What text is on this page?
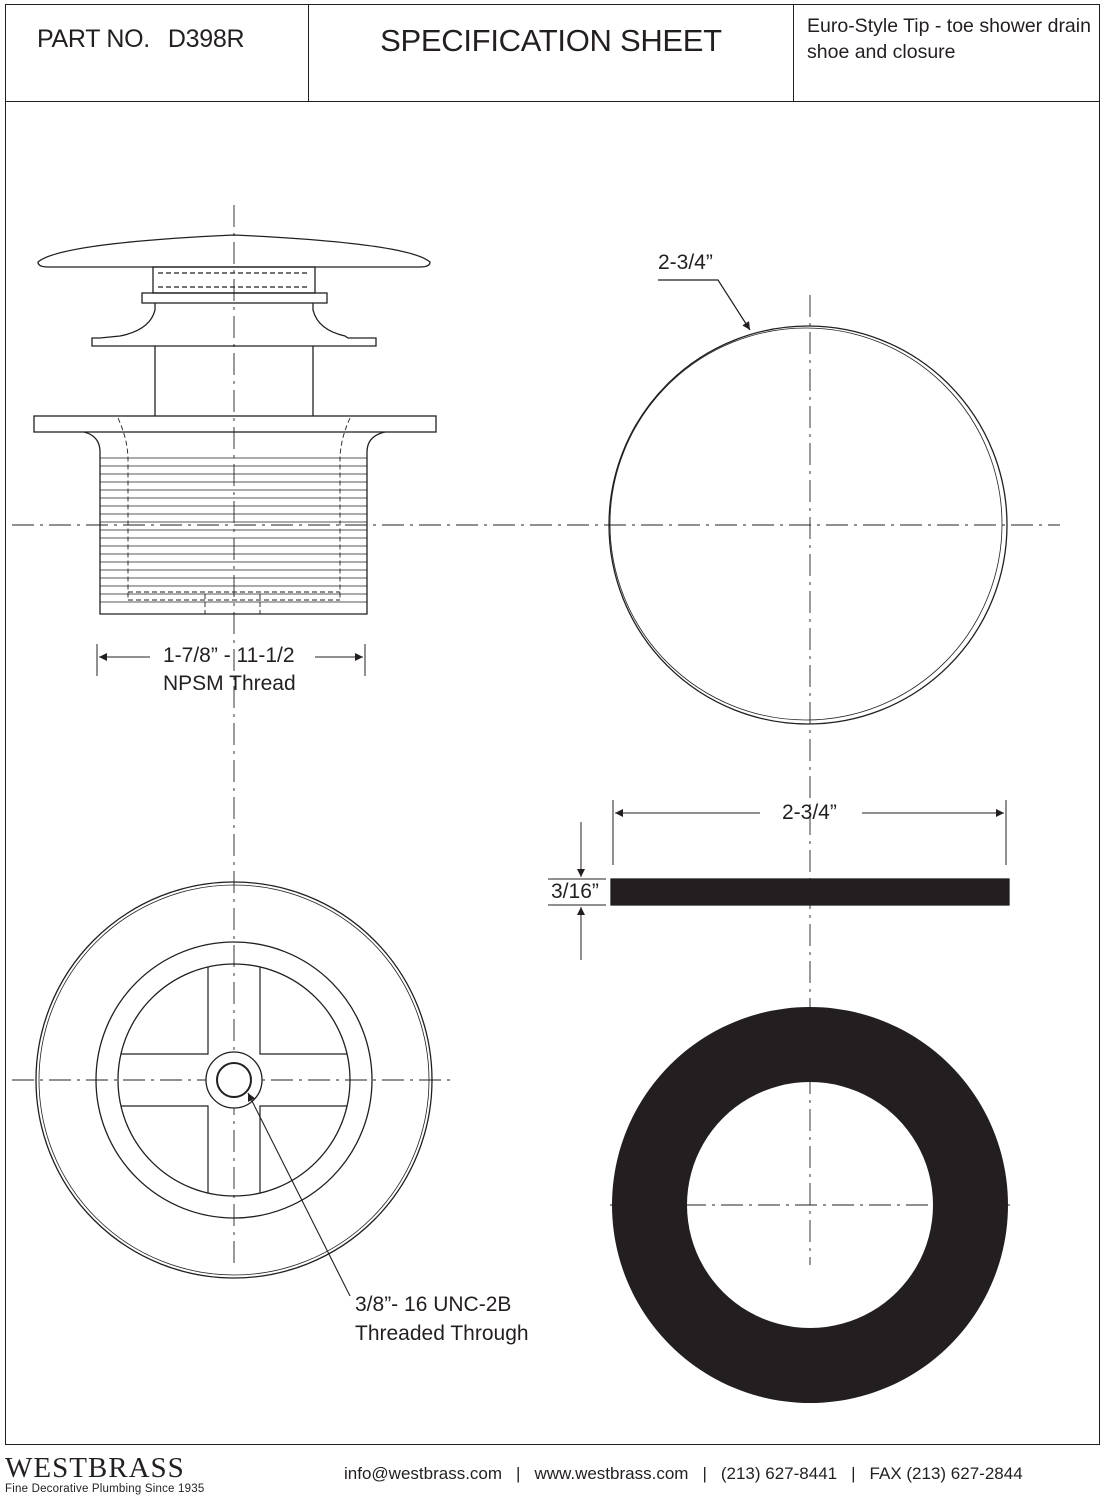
PART NO. D398R	SPECIFICATION SHEET	Euro-Style Tip - toe shower drain shoe and closure
1-7/8” - 11-1/2
NPSM Thread
2-3/4”
2-3/4”
3/16”
3/8”- 16 UNC-2B
Threaded Through
WESTBRASS
Fine Decorative Plumbing Since 1935
info@westbrass.com | www.westbrass.com | (213) 627-8441 | FAX (213) 627-2844
